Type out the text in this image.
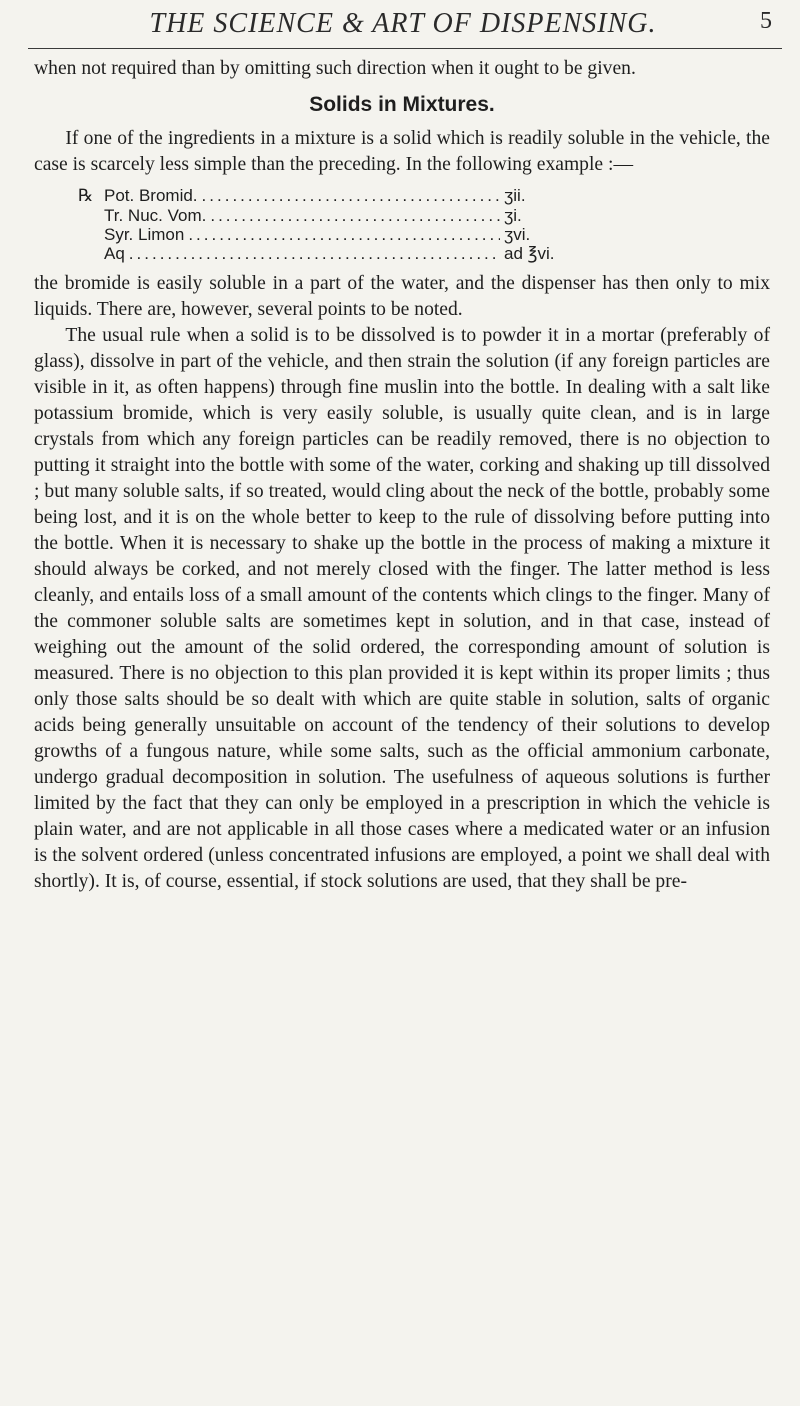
THE SCIENCE & ART OF DISPENSING.	5

when not required than by omitting such direction when it ought to be given.

Solids in Mixtures.

If one of the ingredients in a mixture is a solid which is readily soluble in the vehicle, the case is scarcely less simple than the preceding. In the following example :—

℞ Pot. Bromid. .....	ʒii.
Tr. Nuc. Vom. .....	ʒi.
Syr. Limon .....	ʒvi.
Aq .....	ad ℥vi.

the bromide is easily soluble in a part of the water, and the dispenser has then only to mix liquids. There are, however, several points to be noted.

The usual rule when a solid is to be dissolved is to powder it in a mortar (preferably of glass), dissolve in part of the vehicle, and then strain the solution (if any foreign particles are visible in it, as often happens) through fine muslin into the bottle. In dealing with a salt like potassium bromide, which is very easily soluble, is usually quite clean, and is in large crystals from which any foreign particles can be readily removed, there is no objection to putting it straight into the bottle with some of the water, corking and shaking up till dissolved ; but many soluble salts, if so treated, would cling about the neck of the bottle, probably some being lost, and it is on the whole better to keep to the rule of dissolving before putting into the bottle. When it is necessary to shake up the bottle in the process of making a mixture it should always be corked, and not merely closed with the finger. The latter method is less cleanly, and entails loss of a small amount of the contents which clings to the finger. Many of the commoner soluble salts are sometimes kept in solution, and in that case, instead of weighing out the amount of the solid ordered, the corresponding amount of solution is measured. There is no objection to this plan provided it is kept within its proper limits ; thus only those salts should be so dealt with which are quite stable in solution, salts of organic acids being generally unsuitable on account of the tendency of their solutions to develop growths of a fungous nature, while some salts, such as the official ammonium carbonate, undergo gradual decomposition in solution. The usefulness of aqueous solutions is further limited by the fact that they can only be employed in a prescription in which the vehicle is plain water, and are not applicable in all those cases where a medicated water or an infusion is the solvent ordered (unless concentrated infusions are employed, a point we shall deal with shortly). It is, of course, essential, if stock solutions are used, that they shall be pre-
